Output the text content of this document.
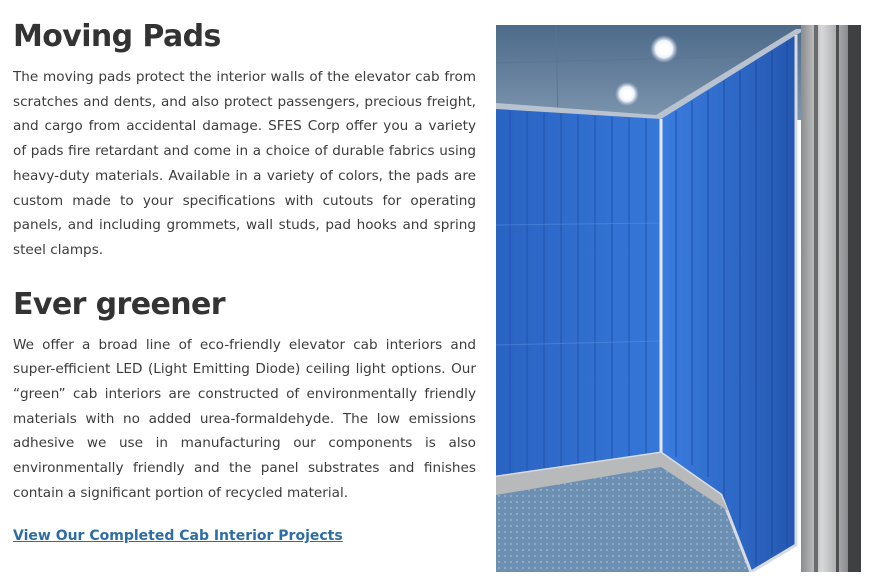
Moving Pads

The moving pads protect the interior walls of the elevator cab from scratches and dents, and also protect passengers, precious freight, and cargo from accidental damage. SFES Corp offer you a variety of pads fire retardant and come in a choice of durable fabrics using heavy-duty materials. Available in a variety of colors, the pads are custom made to your specifications with cutouts for operating panels, and including grommets, wall studs, pad hooks and spring steel clamps.

Ever greener

We offer a broad line of eco-friendly elevator cab interiors and super-efficient LED (Light Emitting Diode) ceiling light options. Our “green” cab interiors are constructed of environmentally friendly materials with no added urea-formaldehyde. The low emissions adhesive we use in manufacturing our components is also environmentally friendly and the panel substrates and finishes contain a significant portion of recycled material.

View Our Completed Cab Interior Projects
